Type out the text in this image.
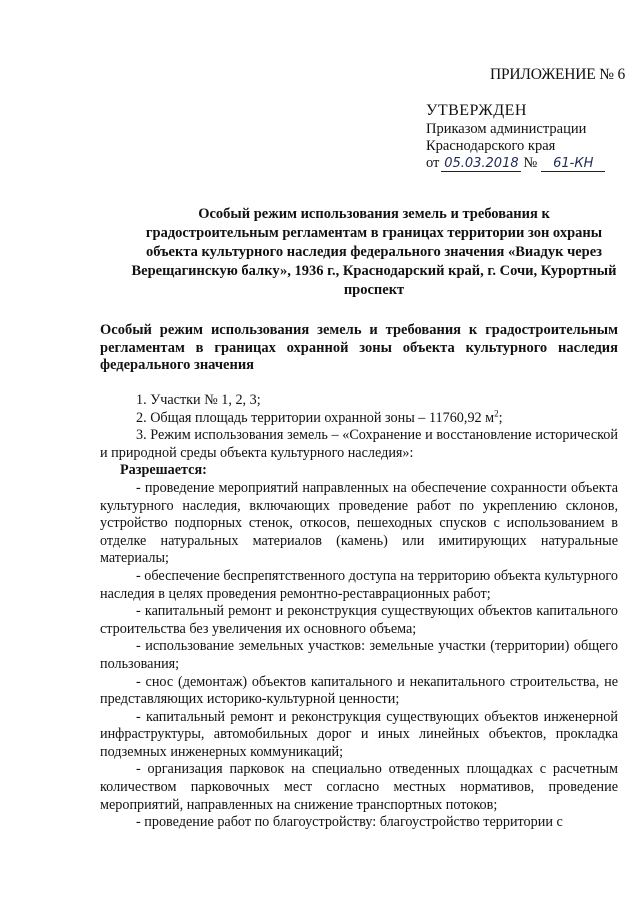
ПРИЛОЖЕНИЕ № 6
УТВЕРЖДЕН
Приказом администрации
Краснодарского края
от 05.03.2018 №	61-КН
Особый режим использования земель и требования к градостроительным регламентам в границах территории зон охраны объекта культурного наследия федерального значения «Виадук через Верещагинскую балку», 1936 г., Краснодарский край, г. Сочи, Курортный проспект
Особый режим использования земель и требования к градостроительным регламентам в границах охранной зоны объекта культурного наследия федерального значения

1. Участки № 1, 2, 3;

2. Общая площадь территории охранной зоны – 11760,92 $м^2$;

3. Режим использования земель – «Сохранение и восстановление исторической и природной среды объекта культурного наследия»:

Разрешается:

- проведение мероприятий направленных на обеспечение сохранности объекта культурного наследия, включающих проведение работ по укреплению склонов, устройство подпорных стенок, откосов, пешеходных спусков с использованием в отделке натуральных материалов (камень) или имитирующих натуральные материалы;

- обеспечение беспрепятственного доступа на территорию объекта культурного наследия в целях проведения ремонтно-реставрационных работ;

- капитальный ремонт и реконструкция существующих объектов капитального строительства без увеличения их основного объема;

- использование земельных участков: земельные участки (территории) общего пользования;

- снос (демонтаж) объектов капитального и некапитального строительства, не представляющих историко-культурной ценности;

- капитальный ремонт и реконструкция существующих объектов инженерной инфраструктуры, автомобильных дорог и иных линейных объектов, прокладка подземных инженерных коммуникаций;

- организация парковок на специально отведенных площадках с расчетным количеством парковочных мест согласно местных нормативов, проведение мероприятий, направленных на снижение транспортных потоков;

- проведение работ по благоустройству: благоустройство территории с
